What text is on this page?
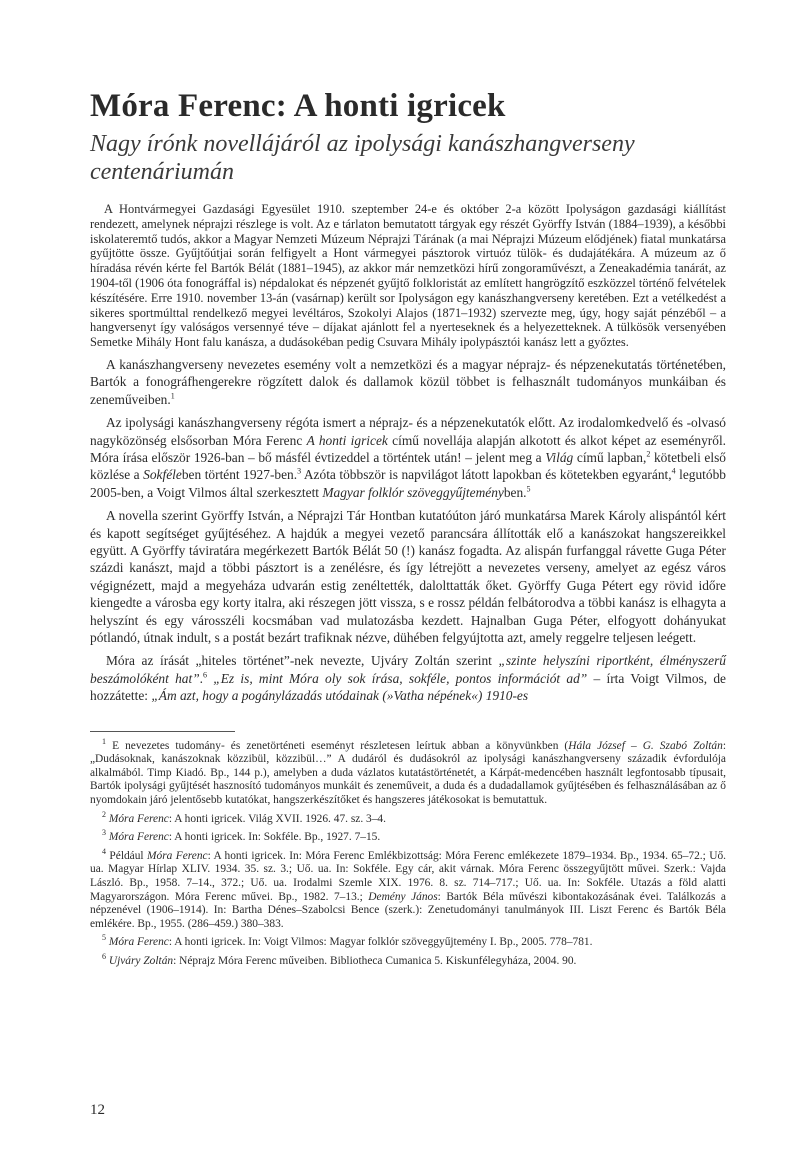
Móra Ferenc: A honti igricek
Nagy írónk novellájáról az ipolysági kanászhangverseny centenáriumán

A Hontvármegyei Gazdasági Egyesület 1910. szeptember 24-e és október 2-a között Ipolyságon gazdasági kiállítást rendezett, amelynek néprajzi részlege is volt. Az e tárlaton bemutatott tárgyak egy részét Györffy István (1884–1939), a későbbi iskolateremtő tudós, akkor a Magyar Nemzeti Múzeum Néprajzi Tárának (a mai Néprajzi Múzeum elődjének) fiatal munkatársa gyűjtötte össze. Gyűjtőútjai során felfigyelt a Hont vármegyei pásztorok virtuóz tülök- és dudajátékára. A múzeum az ő híradása révén kérte fel Bartók Bélát (1881–1945), az akkor már nemzetközi hírű zongoraművészt, a Zeneakadémia tanárát, az 1904-től (1906 óta fonográffal is) népdalokat és népzenét gyűjtő folkloristát az említett hangrögzítő eszközzel történő felvételek készítésére. Erre 1910. november 13-án (vasárnap) került sor Ipolyságon egy kanászhangverseny keretében. Ezt a vetélkedést a sikeres sportmúlttal rendelkező megyei levéltáros, Szokolyi Alajos (1871–1932) szervezte meg, úgy, hogy saját pénzéből – a hangversenyt így valóságos versennyé téve – díjakat ajánlott fel a nyerteseknek és a helyezetteknek. A tülkösök versenyében Semetke Mihály Hont falu kanásza, a dudásokéban pedig Csuvara Mihály ipolypásztói kanász lett a győztes.

A kanászhangverseny nevezetes esemény volt a nemzetközi és a magyar néprajz- és népzenekutatás történetében, Bartók a fonográfhengerekre rögzített dalok és dallamok közül többet is felhasznált tudományos munkáiban és zeneműveiben.$^1$

Az ipolysági kanászhangverseny régóta ismert a néprajz- és a népzenekutatók előtt. Az irodalomkedvelő és -olvasó nagyközönség elsősorban Móra Ferenc A honti igricek című novellája alapján alkotott és alkot képet az eseményről. Móra írása először 1926-ban – bő másfél évtizeddel a történtek után! – jelent meg a Világ című lapban,$^2$ kötetbeli első közlése a Sokféleben történt 1927-ben.$^3$ Azóta többször is napvilágot látott lapokban és kötetekben egyaránt,$^4$ legutóbb 2005-ben, a Voigt Vilmos által szerkesztett Magyar folklór szöveggyűjteményben.$^5$

A novella szerint Györffy István, a Néprajzi Tár Hontban kutatóúton járó munkatársa Marek Károly alispántól kért és kapott segítséget gyűjtéséhez. A hajdúk a megyei vezető parancsára állították elő a kanászokat hangszereikkel együtt. A Györffy táviratára megérkezett Bartók Bélát 50 (!) kanász fogadta. Az alispán furfanggal rávette Guga Péter százdi kanászt, majd a többi pásztort is a zenélésre, és így létrejött a nevezetes verseny, amelyet az egész város végignézett, majd a megyeháza udvarán estig zenéltették, dalolttatták őket. Györffy Guga Pétert egy rövid időre kiengedte a városba egy korty italra, aki részegen jött vissza, s e rossz példán felbátorodva a többi kanász is elhagyta a helyszínt és egy városszéli kocsmában vad mulatozásba kezdett. Hajnalban Guga Péter, elfogyott dohányukat pótlandó, útnak indult, s a postát bezárt trafiknak nézve, dühében felgyújtotta azt, amely reggelre teljesen leégett.

Móra az írását „hiteles történet”-nek nevezte, Ujváry Zoltán szerint „szinte helyszíni riportként, élményszerű beszámolóként hat”.$^6$ „Ez is, mint Móra oly sok írása, sokféle, pontos információt ad” – írta Voigt Vilmos, de hozzátette: „Ám azt, hogy a pogánylázadás utódainak (»Vatha népének«) 1910-es

$^1$ E nevezetes tudomány- és zenetörténeti eseményt részletesen leírtuk abban a könyvünkben (Hála József – G. Szabó Zoltán: „Dudásoknak, kanászoknak közzibül, közzibül…” A dudáról és dudásokról az ipolysági kanászhangverseny századik évfordulója alkalmából. Timp Kiadó. Bp., 144 p.), amelyben a duda vázlatos kutatástörténetét, a Kárpát-medencében használt legfontosabb típusait, Bartók ipolysági gyűjtését hasznosító tudományos munkáit és zeneműveit, a duda és a dudadallamok gyűjtésében és felhasználásában az ő nyomdokain járó jelentősebb kutatókat, hangszerkészítőket és hangszeres játékosokat is bemutattuk.

$^2$ Móra Ferenc: A honti igricek. Világ XVII. 1926. 47. sz. 3–4.

$^3$ Móra Ferenc: A honti igricek. In: Sokféle. Bp., 1927. 7–15.

$^4$ Például Móra Ferenc: A honti igricek. In: Móra Ferenc Emlékbizottság: Móra Ferenc emlékezete 1879–1934. Bp., 1934. 65–72.; Uő. ua. Magyar Hírlap XLIV. 1934. 35. sz. 3.; Uő. ua. In: Sokféle. Egy cár, akit várnak. Móra Ferenc összegyűjtött művei. Szerk.: Vajda László. Bp., 1958. 7–14., 372.; Uő. ua. Irodalmi Szemle XIX. 1976. 8. sz. 714–717.; Uő. ua. In: Sokféle. Utazás a föld alatti Magyarországon. Móra Ferenc művei. Bp., 1982. 7–13.; Demény János: Bartók Béla művészi kibontakozásának évei. Találkozás a népzenével (1906–1914). In: Bartha Dénes–Szabolcsi Bence (szerk.): Zenetudományi tanulmányok III. Liszt Ferenc és Bartók Béla emlékére. Bp., 1955. (286–459.) 380–383.

$^5$ Móra Ferenc: A honti igricek. In: Voigt Vilmos: Magyar folklór szöveggyűjtemény I. Bp., 2005. 778–781.

$^6$ Ujváry Zoltán: Néprajz Móra Ferenc műveiben. Bibliotheca Cumanica 5. Kiskunfélegyháza, 2004. 90.

12
